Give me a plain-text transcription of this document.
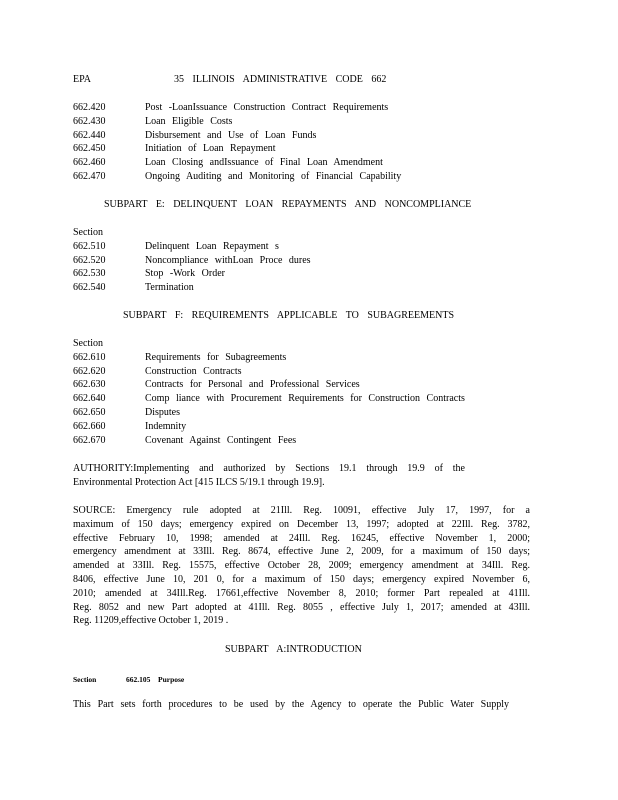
EPA	35 ILLINOIS ADMINISTRATIVE CODE 662
662.420	Post -LoanIssuance Construction Contract Requirements
662.430	Loan Eligible Costs
662.440	Disbursement and Use of Loan Funds
662.450	Initiation of Loan Repayment
662.460	Loan Closing andIssuance of Final Loan Amendment
662.470	Ongoing Auditing and Monitoring of Financial Capability
SUBPART E: DELINQUENT LOAN REPAYMENTS AND NONCOMPLIANCE
Section
662.510	Delinquent Loan Repayment s
662.520	Noncompliance withLoan Proce dures
662.530	Stop -Work Order
662.540	Termination
SUBPART F: REQUIREMENTS APPLICABLE TO SUBAGREEMENTS
Section
662.610	Requirements for Subagreements
662.620	Construction Contracts
662.630	Contracts for Personal and Professional Services
662.640	Comp liance with Procurement Requirements for Construction Contracts
662.650	Disputes
662.660	Indemnity
662.670	Covenant Against Contingent Fees
AUTHORITY:Implementing and authorized by Sections 19.1 through 19.9 of the
Environmental Protection Act [415 ILCS 5/19.1 through 19.9].
SOURCE: Emergency rule adopted at 21Ill. Reg. 10091, effective July 17, 1997, for a
maximum of 150 days; emergency expired on December 13, 1997; adopted at 22Ill. Reg. 3782,
effective February 10, 1998; amended at 24Ill. Reg. 16245, effective November 1, 2000;
emergency amendment at 33Ill. Reg. 8674, effective June 2, 2009, for a maximum of 150 days;
amended at 33Ill. Reg. 15575, effective October 28, 2009; emergency amendment at 34Ill. Reg.
8406, effective June 10, 201 0, for a maximum of 150 days; emergency expired November 6,
2010; amended at 34Ill.Reg. 17661,effective November 8, 2010; former Part repealed at 41Ill.
Reg. 8052 and new Part adopted at 41Ill. Reg. 8055 , effective July 1, 2017; amended at 43Ill.
Reg. 11209,effective October 1, 2019 .
SUBPART A:INTRODUCTION
Section	662.105 Purpose
This Part sets forth procedures to be used by the Agency to operate the Public Water Supply
